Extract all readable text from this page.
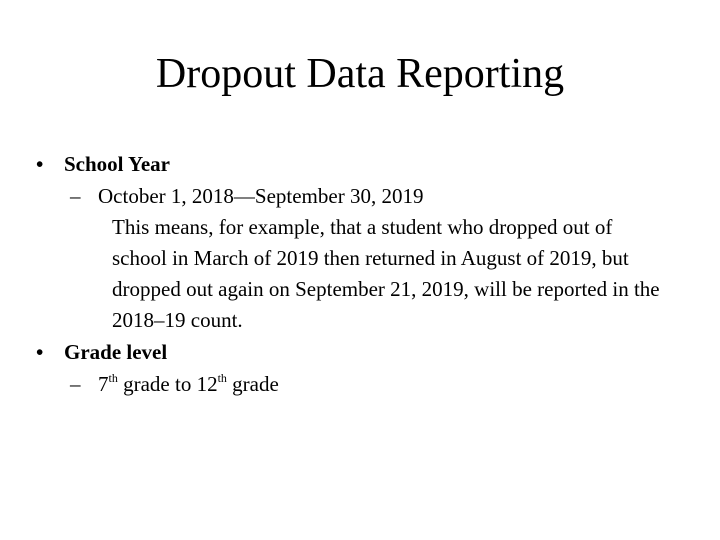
Dropout Data Reporting

• School Year

– October 1, 2018—September 30, 2019

This means, for example, that a student who dropped out of school in March of 2019 then returned in August of 2019, but dropped out again on September 21, 2019, will be reported in the 2018–19 count.

• Grade level

– 7th grade to 12th grade
